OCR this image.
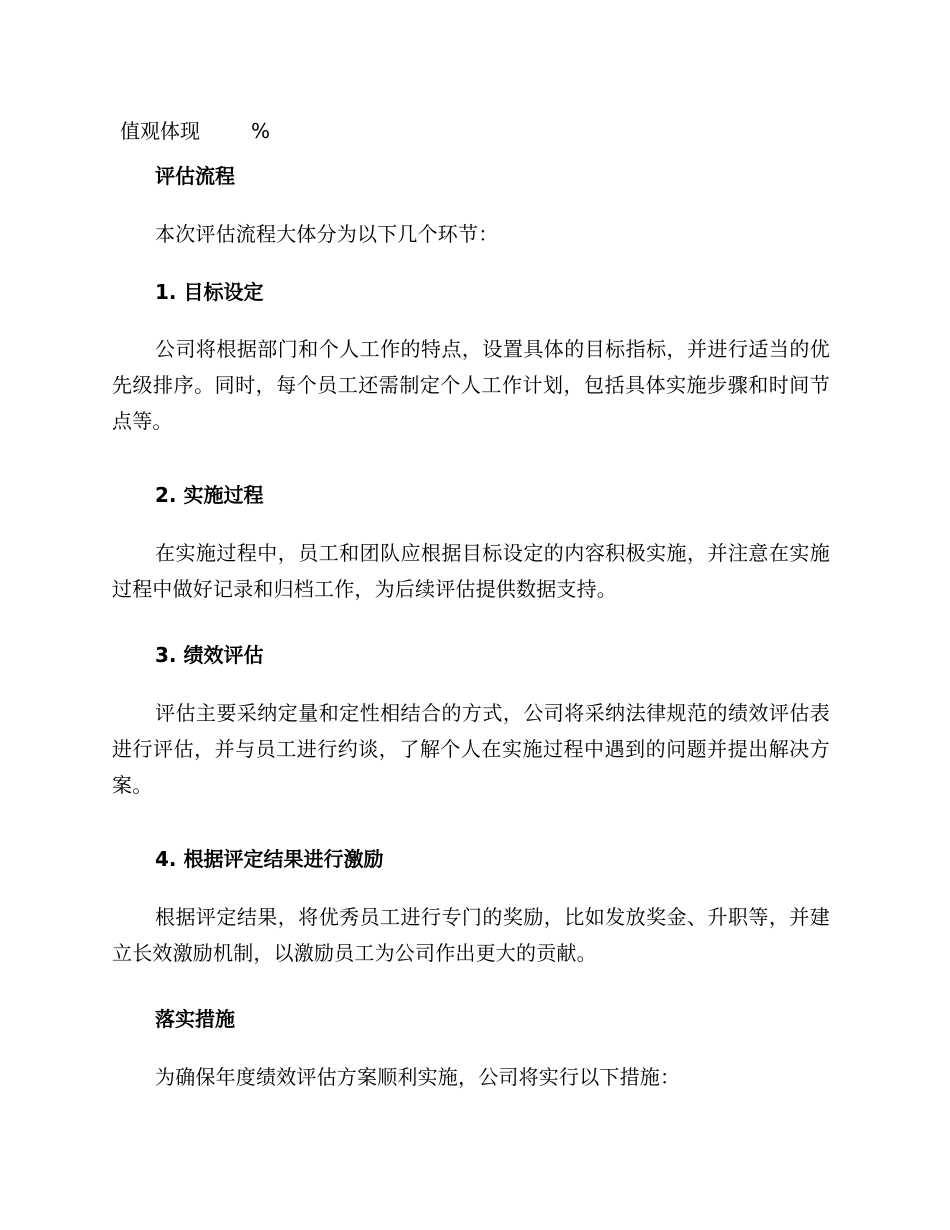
值观体现	%

评估流程

本次评估流程大体分为以下几个环节：

1. 目标设定

公司将根据部门和个人工作的特点，设置具体的目标指标，并进行适当的优先级排序。同时，每个员工还需制定个人工作计划，包括具体实施步骤和时间节点等。

2. 实施过程

在实施过程中，员工和团队应根据目标设定的内容积极实施，并注意在实施过程中做好记录和归档工作，为后续评估提供数据支持。

3. 绩效评估

评估主要采纳定量和定性相结合的方式，公司将采纳法律规范的绩效评估表进行评估，并与员工进行约谈，了解个人在实施过程中遇到的问题并提出解决方案。

4. 根据评定结果进行激励

根据评定结果，将优秀员工进行专门的奖励，比如发放奖金、升职等，并建立长效激励机制，以激励员工为公司作出更大的贡献。

落实措施

为确保年度绩效评估方案顺利实施，公司将实行以下措施：
